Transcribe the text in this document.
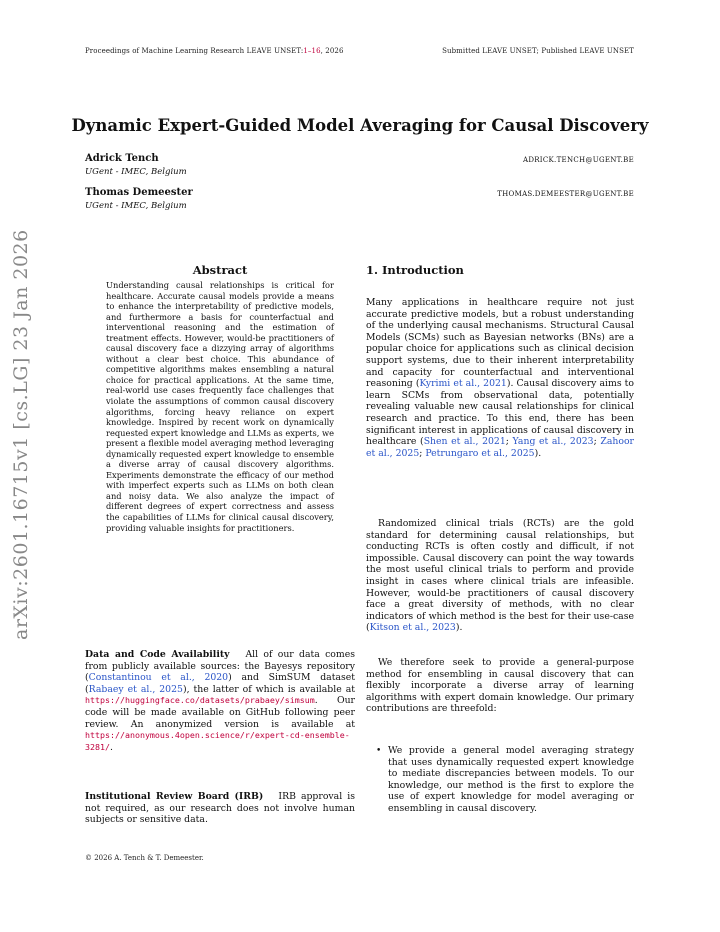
Proceedings of Machine Learning Research LEAVE UNSET:1–16, 2026	Submitted LEAVE UNSET; Published LEAVE UNSET
Dynamic Expert-Guided Model Averaging for Causal Discovery
Adrick Tench
UGent - IMEC, Belgium
ADRICK.TENCH@UGENT.BE
Thomas Demeester
UGent - IMEC, Belgium
THOMAS.DEMEESTER@UGENT.BE
arXiv:2601.16715v1 [cs.LG] 23 Jan 2026	Abstract
Understanding causal relationships is critical for healthcare. Accurate causal models provide a means to enhance the interpretability of predictive models, and furthermore a basis for counterfactual and interventional reasoning and the estimation of treatment effects. However, would-be practitioners of causal discovery face a dizzying array of algorithms without a clear best choice. This abundance of competitive algorithms makes ensembling a natural choice for practical applications. At the same time, real-world use cases frequently face challenges that violate the assumptions of common causal discovery algorithms, forcing heavy reliance on expert knowledge. Inspired by recent work on dynamically requested expert knowledge and LLMs as experts, we present a flexible model averaging method leveraging dynamically requested expert knowledge to ensemble a diverse array of causal discovery algorithms. Experiments demonstrate the efficacy of our method with imperfect experts such as LLMs on both clean and noisy data. We also analyze the impact of different degrees of expert correctness and assess the capabilities of LLMs for clinical causal discovery, providing valuable insights for practitioners.
Data and Code Availability All of our data comes from publicly available sources: the Bayesys repository (Constantinou et al., 2020) and SimSUM dataset (Rabaey et al., 2025), the latter of which is available at https://huggingface.co/datasets/prabaey/simsum. Our code will be made available on GitHub following peer review. An anonymized version is available at https://anonymous.4open.science/r/expert-cd-ensemble-3281/.
Institutional Review Board (IRB) IRB approval is not required, as our research does not involve human subjects or sensitive data.
1. Introduction

Many applications in healthcare require not just accurate predictive models, but a robust understanding of the underlying causal mechanisms. Structural Causal Models (SCMs) such as Bayesian networks (BNs) are a popular choice for applications such as clinical decision support systems, due to their inherent interpretability and capacity for counterfactual and interventional reasoning (Kyrimi et al., 2021). Causal discovery aims to learn SCMs from observational data, potentially revealing valuable new causal relationships for clinical research and practice. To this end, there has been significant interest in applications of causal discovery in healthcare (Shen et al., 2021; Yang et al., 2023; Zahoor et al., 2025; Petrungaro et al., 2025).

Randomized clinical trials (RCTs) are the gold standard for determining causal relationships, but conducting RCTs is often costly and difficult, if not impossible. Causal discovery can point the way towards the most useful clinical trials to perform and provide insight in cases where clinical trials are infeasible. However, would-be practitioners of causal discovery face a great diversity of methods, with no clear indicators of which method is the best for their use-case (Kitson et al., 2023).

We therefore seek to provide a general-purpose method for ensembling in causal discovery that can flexibly incorporate a diverse array of learning algorithms with expert domain knowledge. Our primary contributions are threefold:

• We provide a general model averaging strategy that uses dynamically requested expert knowledge to mediate discrepancies between models. To our knowledge, our method is the first to explore the use of expert knowledge for model averaging or ensembling in causal discovery.
© 2026 A. Tench & T. Demeester.
